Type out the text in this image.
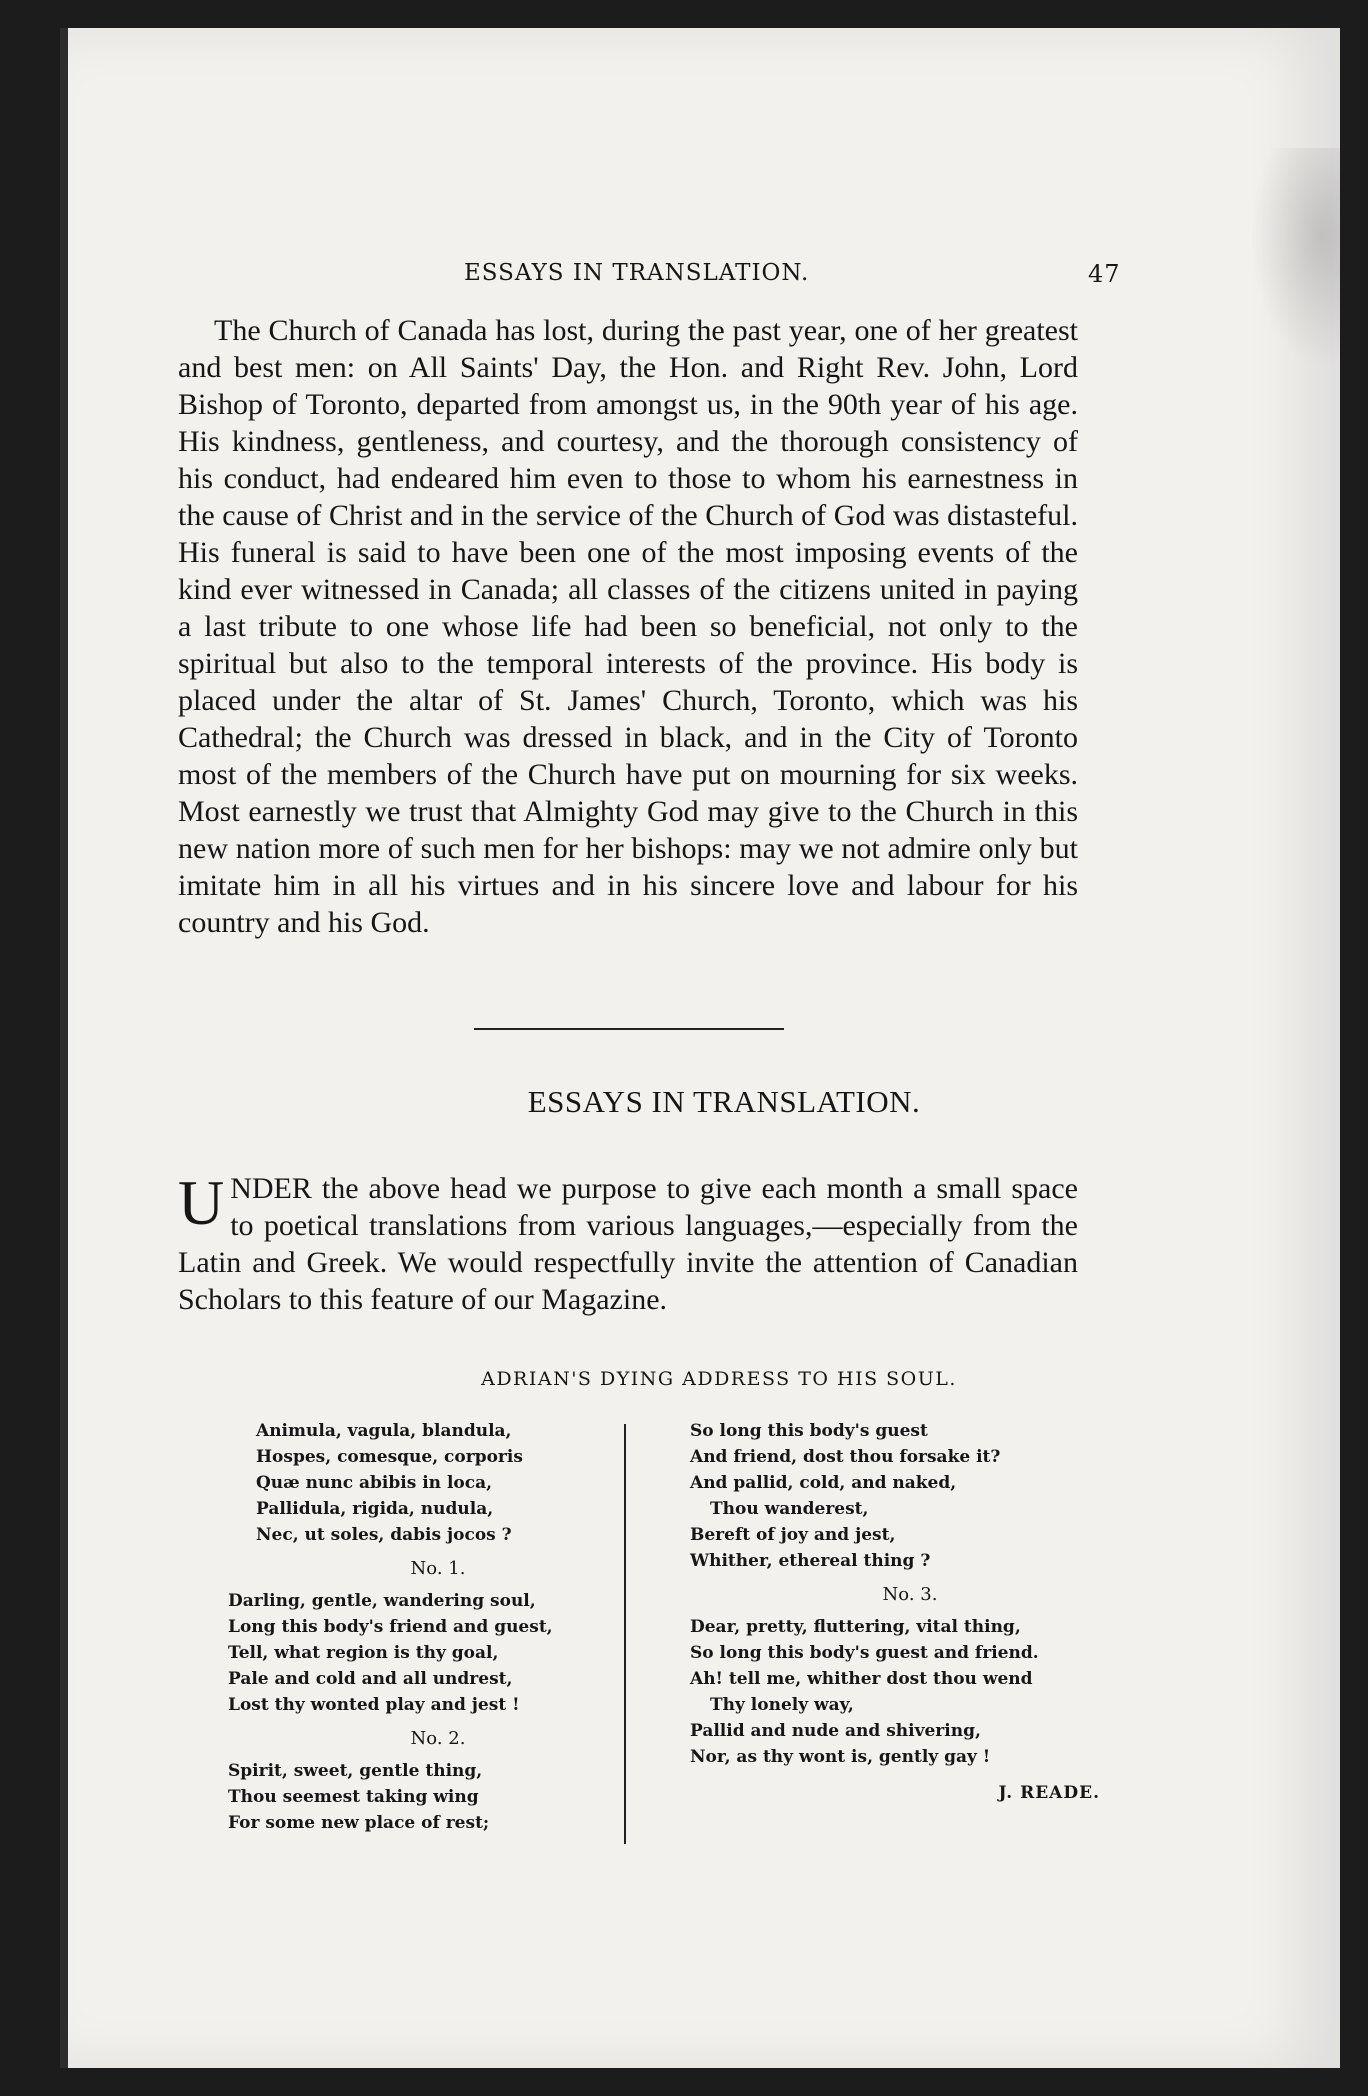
ESSAYS IN TRANSLATION.	47

The Church of Canada has lost, during the past year, one of her greatest and best men: on All Saints' Day, the Hon. and Right Rev. John, Lord Bishop of Toronto, departed from amongst us, in the 90th year of his age. His kindness, gentleness, and courtesy, and the thorough consistency of his conduct, had endeared him even to those to whom his earnestness in the cause of Christ and in the service of the Church of God was distasteful. His funeral is said to have been one of the most imposing events of the kind ever witnessed in Canada; all classes of the citizens united in paying a last tribute to one whose life had been so beneficial, not only to the spiritual but also to the temporal interests of the province. His body is placed under the altar of St. James' Church, Toronto, which was his Cathedral; the Church was dressed in black, and in the City of Toronto most of the members of the Church have put on mourning for six weeks. Most earnestly we trust that Almighty God may give to the Church in this new nation more of such men for her bishops: may we not admire only but imitate him in all his virtues and in his sincere love and labour for his country and his God.

ESSAYS IN TRANSLATION.

UNDER the above head we purpose to give each month a small space to poetical translations from various languages,—especially from the Latin and Greek. We would respectfully invite the attention of Canadian Scholars to this feature of our Magazine.

ADRIAN'S DYING ADDRESS TO HIS SOUL.
Animula, vagula, blandula,
Hospes, comesque, corporis
Quæ nunc abibis in loca,
Pallidula, rigida, nudula,
Nec, ut soles, dabis jocos ?
No. 1.
Darling, gentle, wandering soul,
Long this body's friend and guest,
Tell, what region is thy goal,
Pale and cold and all undrest,
Lost thy wonted play and jest !
No. 2.
Spirit, sweet, gentle thing,
Thou seemest taking wing
For some new place of rest;
So long this body's guest
And friend, dost thou forsake it?
And pallid, cold, and naked,
Thou wanderest,
Bereft of joy and jest,
Whither, ethereal thing ?
No. 3.
Dear, pretty, fluttering, vital thing,
So long this body's guest and friend.
Ah! tell me, whither dost thou wend
Thy lonely way,
Pallid and nude and shivering,
Nor, as thy wont is, gently gay !
J. READE.
